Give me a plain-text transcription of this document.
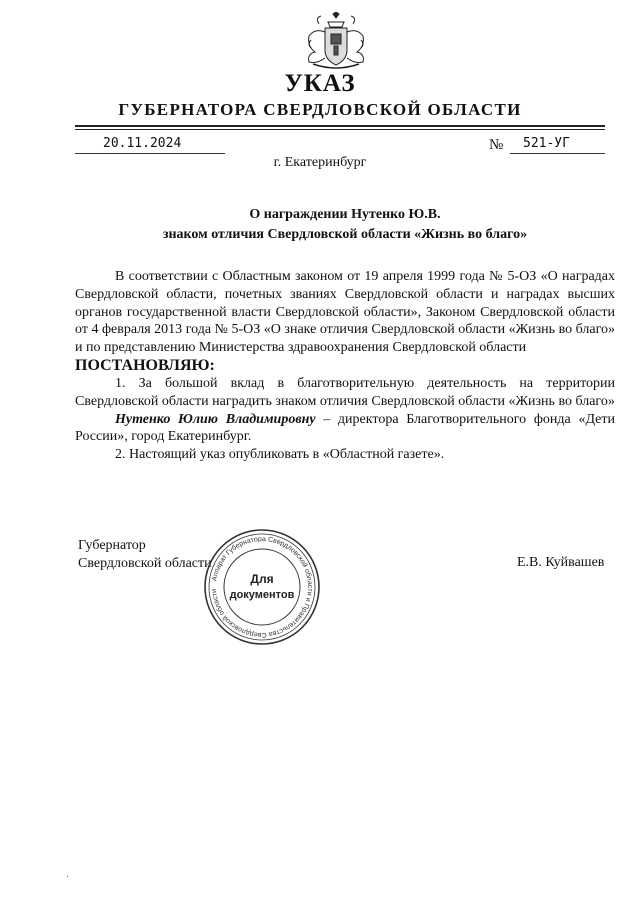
УКАЗ
ГУБЕРНАТОРА СВЕРДЛОВСКОЙ ОБЛАСТИ
20.11.2024	№ 521-УГ
г. Екатеринбург
О награждении Нутенко Ю.В.
знаком отличия Свердловской области «Жизнь во благо»

В соответствии с Областным законом от 19 апреля 1999 года № 5-ОЗ «О наградах Свердловской области, почетных званиях Свердловской области и наградах высших органов государственной власти Свердловской области», Законом Свердловской области от 4 февраля 2013 года № 5-ОЗ «О знаке отличия Свердловской области «Жизнь во благо» и по представлению Министерства здравоохранения Свердловской области

ПОСТАНОВЛЯЮ:

1. За большой вклад в благотворительную деятельность на территории Свердловской области наградить знаком отличия Свердловской области «Жизнь во благо»

Нутенко Юлию Владимировну – директора Благотворительного фонда «Дети России», город Екатеринбург.

2. Настоящий указ опубликовать в «Областной газете».

Губернатор
Свердловской области	Е.В. Куйвашев
Аппарат Губернатора Свердловской области и Правительства Свердловской области
Для
документов
